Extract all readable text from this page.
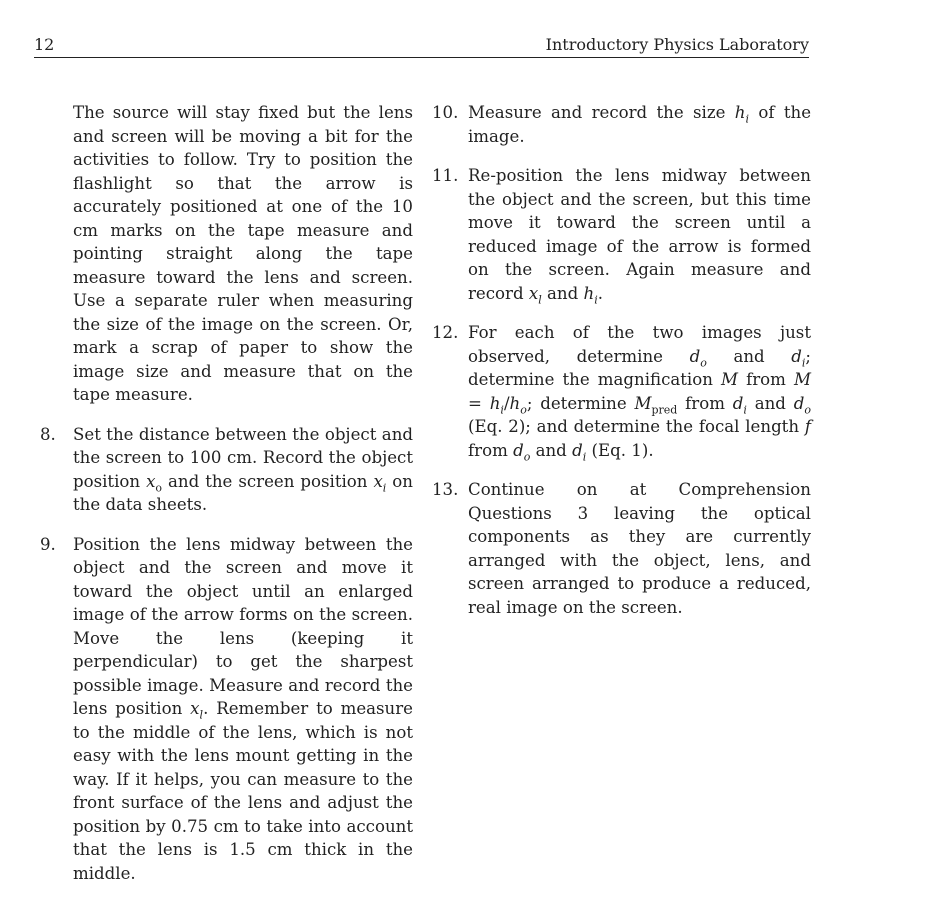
12	Introductory Physics Laboratory
The source will stay fixed but the lens and screen will be moving a bit for the activities to follow. Try to position the flashlight so that the arrow is accurately positioned at one of the 10 cm marks on the tape measure and pointing straight along the tape measure toward the lens and screen. Use a separate ruler when measuring the size of the image on the screen. Or, mark a scrap of paper to show the image size and measure that on the tape measure.
8. Set the distance between the object and the screen to 100 cm. Record the object position $x_o$ and the screen position $x_i$ on the data sheets.
9. Position the lens midway between the object and the screen and move it toward the object until an enlarged image of the arrow forms on the screen. Move the lens (keeping it perpendicular) to get the sharpest possible image. Measure and record the lens position $x_l$. Remember to measure to the middle of the lens, which is not easy with the lens mount getting in the way. If it helps, you can measure to the front surface of the lens and adjust the position by 0.75 cm to take into account that the lens is 1.5 cm thick in the middle.
10. Measure and record the size $h_i$ of the image.
11. Re-position the lens midway between the object and the screen, but this time move it toward the screen until a reduced image of the arrow is formed on the screen. Again measure and record $x_l$ and $h_i$.
12. For each of the two images just observed, determine $d_o$ and $d_i$; determine the magnification M from $M = h_i/h_o$; determine $M_{pred}$ from $d_i$ and $d_o$ (Eq. 2); and determine the focal length f from $d_o$ and $d_i$ (Eq. 1).
13. Continue on at Comprehension Questions 3 leaving the optical components as they are currently arranged with the object, lens, and screen arranged to produce a reduced, real image on the screen.
